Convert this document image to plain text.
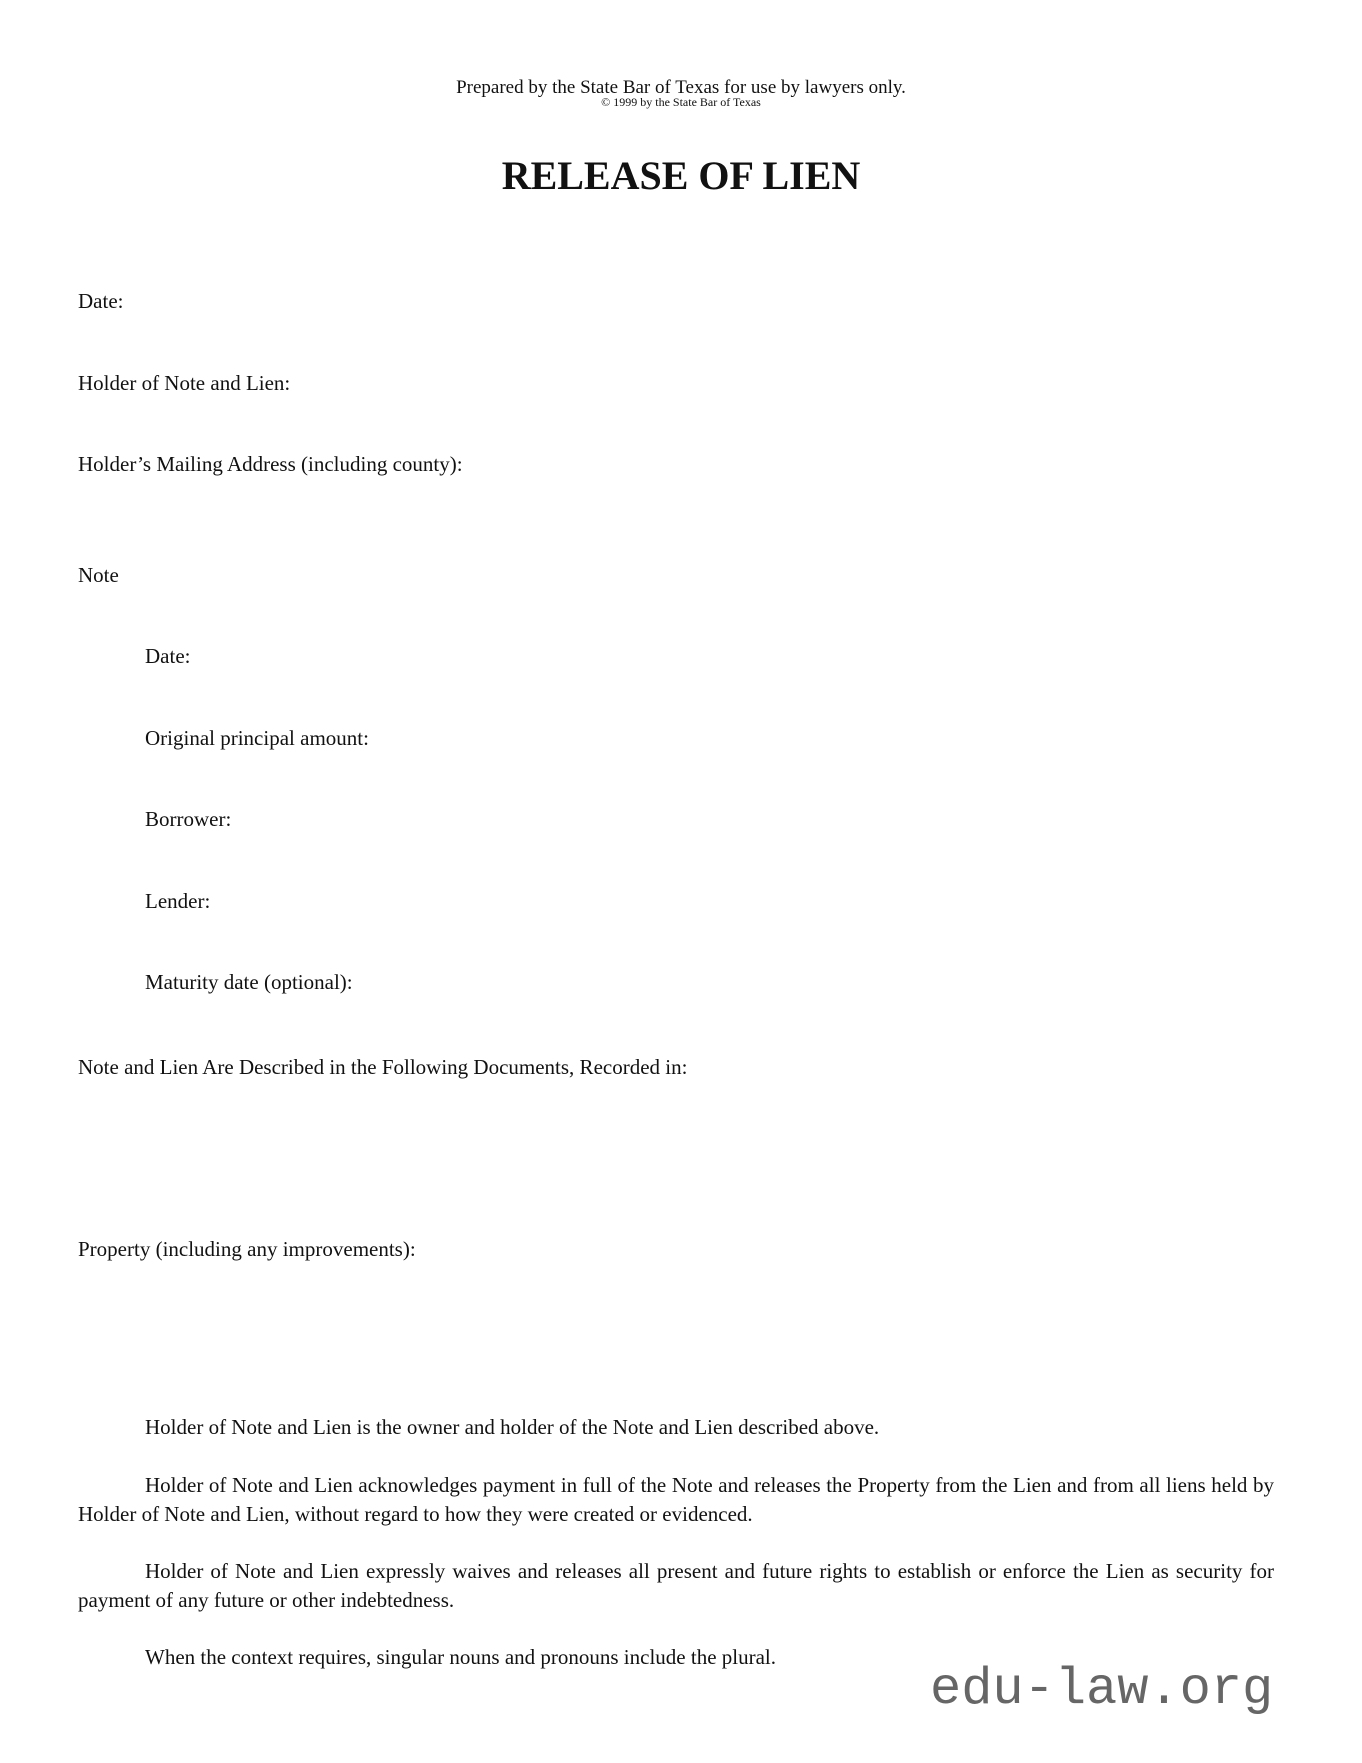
Prepared by the State Bar of Texas for use by lawyers only.
© 1999 by the State Bar of Texas
RELEASE OF LIEN
Date:
Holder of Note and Lien:
Holder’s Mailing Address (including county):
Note
Date:
Original principal amount:
Borrower:
Lender:
Maturity date (optional):
Note and Lien Are Described in the Following Documents, Recorded in:
Property (including any improvements):
Holder of Note and Lien is the owner and holder of the Note and Lien described above.
Holder of Note and Lien acknowledges payment in full of the Note and releases the Property from the Lien and from all liens held by Holder of Note and Lien, without regard to how they were created or evidenced.
Holder of Note and Lien expressly waives and releases all present and future rights to establish or enforce the Lien as security for payment of any future or other indebtedness.
When the context requires, singular nouns and pronouns include the plural.
edu-law.org
